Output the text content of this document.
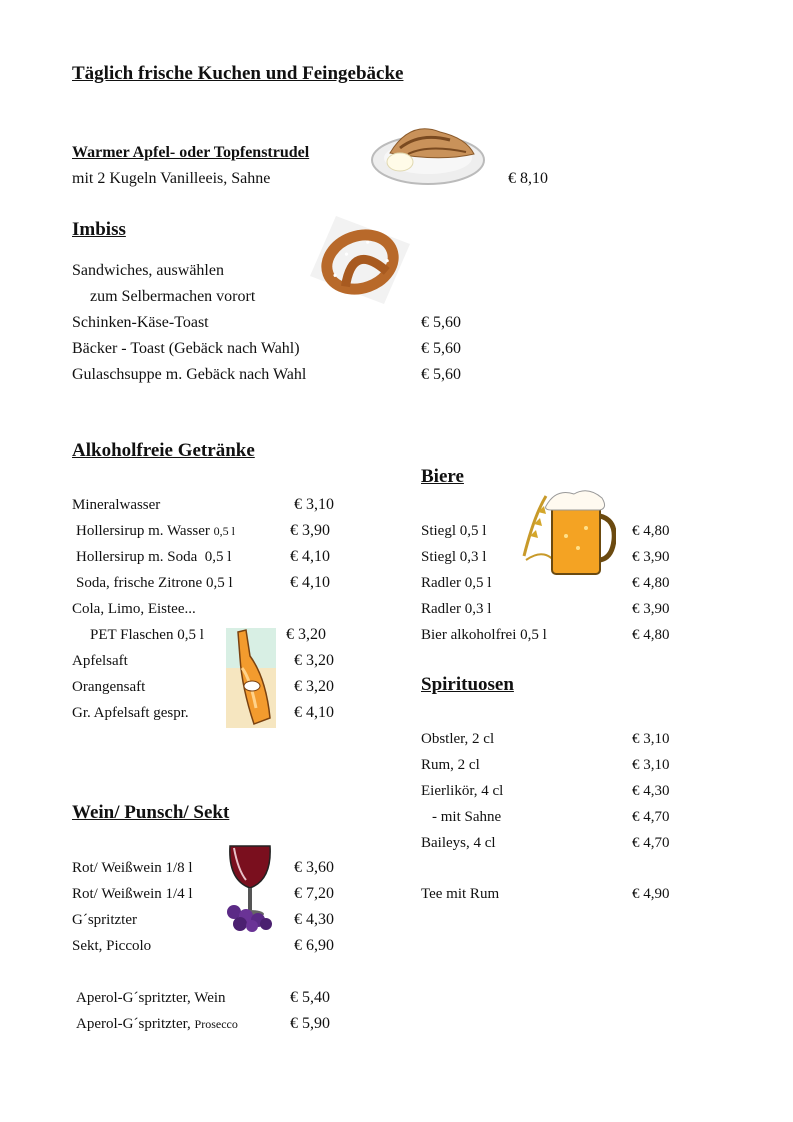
Täglich frische Kuchen und Feingebäcke
Warmer Apfel- oder Topfenstrudel
mit 2 Kugeln Vanilleeis, Sahne	€ 8,10
Imbiss
Sandwiches, auswählen
zum Selbermachen vorort
Schinken-Käse-Toast	€ 5,60
Bäcker - Toast (Gebäck nach Wahl)	€ 5,60
Gulaschsuppe m. Gebäck nach Wahl	€ 5,60
Alkoholfreie Getränke
Mineralwasser	€ 3,10
Hollersirup m. Wasser 0,5 l	€ 3,90
Hollersirup m. Soda 0,5 l	€ 4,10
Soda, frische Zitrone 0,5 l	€ 4,10
Cola, Limo, Eistee...
PET Flaschen 0,5 l	€ 3,20
Apfelsaft	€ 3,20
Orangensaft	€ 3,20
Gr. Apfelsaft gespr.	€ 4,10
Biere
Stiegl 0,5 l	€ 4,80
Stiegl 0,3 l	€ 3,90
Radler 0,5 l	€ 4,80
Radler 0,3 l	€ 3,90
Bier alkoholfrei 0,5 l	€ 4,80
Spirituosen
Obstler, 2 cl	€ 3,10
Rum, 2 cl	€ 3,10
Eierlikör, 4 cl	€ 4,30
- mit Sahne	€ 4,70
Baileys, 4 cl	€ 4,70
Tee mit Rum	€ 4,90
Wein/ Punsch/ Sekt
Rot/ Weißwein 1/8 l	€ 3,60
Rot/ Weißwein 1/4 l	€ 7,20
G´spritzter	€ 4,30
Sekt, Piccolo	€ 6,90
Aperol-G´spritzter, Wein	€ 5,40
Aperol-G´spritzter, Prosecco	€ 5,90
